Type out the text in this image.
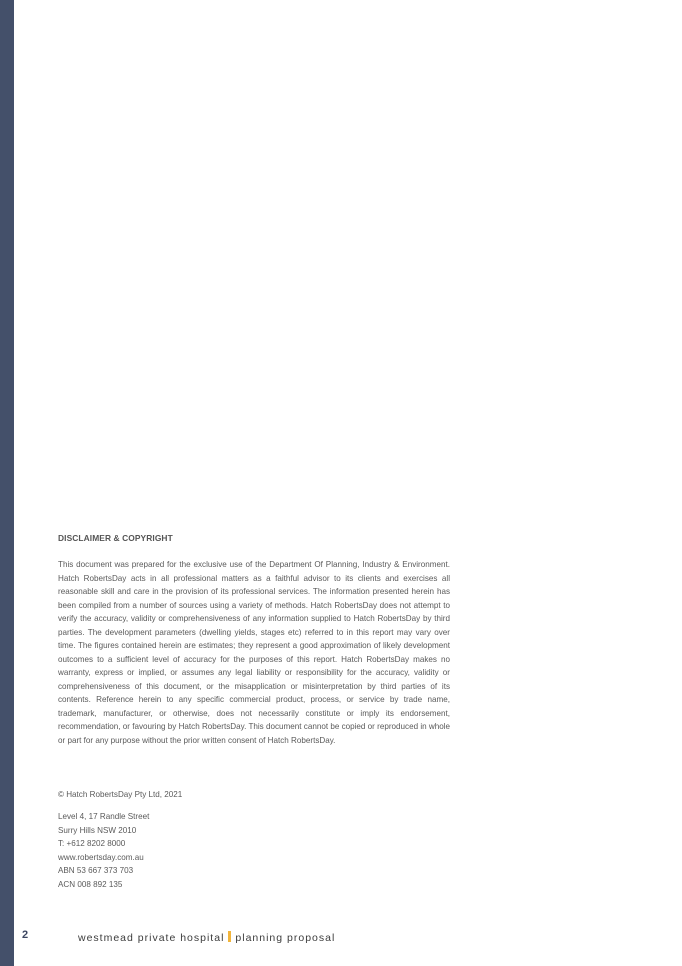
DISCLAIMER & COPYRIGHT

This document was prepared for the exclusive use of the Department Of Planning, Industry & Environment. Hatch RobertsDay acts in all professional matters as a faithful advisor to its clients and exercises all reasonable skill and care in the provision of its professional services. The information presented herein has been compiled from a number of sources using a variety of methods. Hatch RobertsDay does not attempt to verify the accuracy, validity or comprehensiveness of any information supplied to Hatch RobertsDay by third parties. The development parameters (dwelling yields, stages etc) referred to in this report may vary over time. The figures contained herein are estimates; they represent a good approximation of likely development outcomes to a sufficient level of accuracy for the purposes of this report. Hatch RobertsDay makes no warranty, express or implied, or assumes any legal liability or responsibility for the accuracy, validity or comprehensiveness of this document, or the misapplication or misinterpretation by third parties of its contents. Reference herein to any specific commercial product, process, or service by trade name, trademark, manufacturer, or otherwise, does not necessarily constitute or imply its endorsement, recommendation, or favouring by Hatch RobertsDay. This document cannot be copied or reproduced in whole or part for any purpose without the prior written consent of Hatch RobertsDay.

© Hatch RobertsDay Pty Ltd, 2021
Level 4, 17 Randle Street
Surry Hills NSW 2010
T: +612 8202 8000
www.robertsday.com.au
ABN 53 667 373 703
ACN 008 892 135
2	westmead private hospital planning proposal
